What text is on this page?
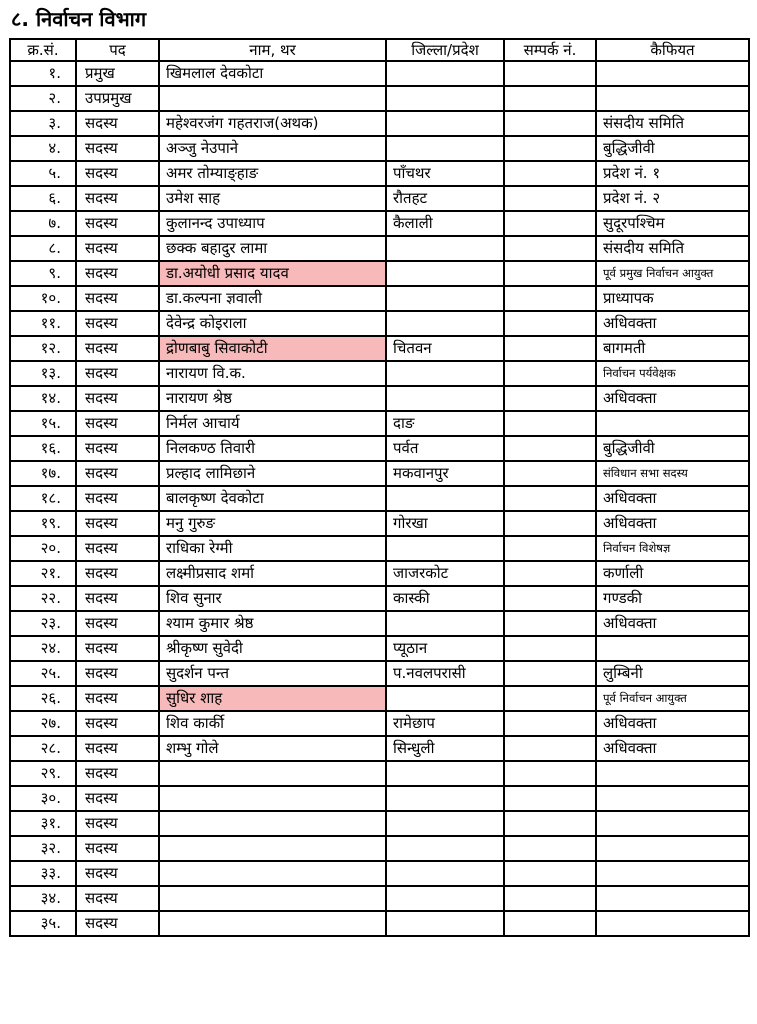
८. निर्वाचन विभाग
क्र.सं.	पद	नाम, थर	जिल्ला/प्रदेश	सम्पर्क नं.	कैफियत
१.	प्रमुख	खिमलाल देवकोटा			
२.	उपप्रमुख				
३.	सदस्य	महेश्वरजंग गहतराज(अथक)			संसदीय समिति
४.	सदस्य	अञ्जु नेउपाने			बुद्धिजीवी
५.	सदस्य	अमर तोम्याङ्हाङ	पाँचथर		प्रदेश नं. १
६.	सदस्य	उमेश साह	रौतहट		प्रदेश नं. २
७.	सदस्य	कुलानन्द उपाध्याप	कैलाली		सुदूरपश्चिम
८.	सदस्य	छक्क बहादुर लामा			संसदीय समिति
९.	सदस्य	डा.अयोधी प्रसाद यादव			पूर्व प्रमुख निर्वाचन आयुक्त
१०.	सदस्य	डा.कल्पना ज्ञवाली			प्राध्यापक
११.	सदस्य	देवेन्द्र कोइराला			अधिवक्ता
१२.	सदस्य	द्रोणबाबु सिवाकोटी	चितवन		बागमती
१३.	सदस्य	नारायण वि.क.			निर्वाचन पर्यवेक्षक
१४.	सदस्य	नारायण श्रेष्ठ			अधिवक्ता
१५.	सदस्य	निर्मल आचार्य	दाङ		
१६.	सदस्य	निलकण्ठ तिवारी	पर्वत		बुद्धिजीवी
१७.	सदस्य	प्रल्हाद लामिछाने	मकवानपुर		संविधान सभा सदस्य
१८.	सदस्य	बालकृष्ण देवकोटा			अधिवक्ता
१९.	सदस्य	मनु गुरुङ	गोरखा		अधिवक्ता
२०.	सदस्य	राधिका रेग्मी			निर्वाचन विशेषज्ञ
२१.	सदस्य	लक्ष्मीप्रसाद शर्मा	जाजरकोट		कर्णाली
२२.	सदस्य	शिव सुनार	कास्की		गण्डकी
२३.	सदस्य	श्याम कुमार श्रेष्ठ			अधिवक्ता
२४.	सदस्य	श्रीकृष्ण सुवेदी	प्यूठान		
२५.	सदस्य	सुदर्शन पन्त	प.नवलपरासी		लुम्बिनी
२६.	सदस्य	सुधिर शाह			पूर्व निर्वाचन आयुक्त
२७.	सदस्य	शिव कार्की	रामेछाप		अधिवक्ता
२८.	सदस्य	शम्भु गोले	सिन्धुली		अधिवक्ता
२९.	सदस्य				
३०.	सदस्य				
३१.	सदस्य				
३२.	सदस्य				
३३.	सदस्य				
३४.	सदस्य				
३५.	सदस्य				
